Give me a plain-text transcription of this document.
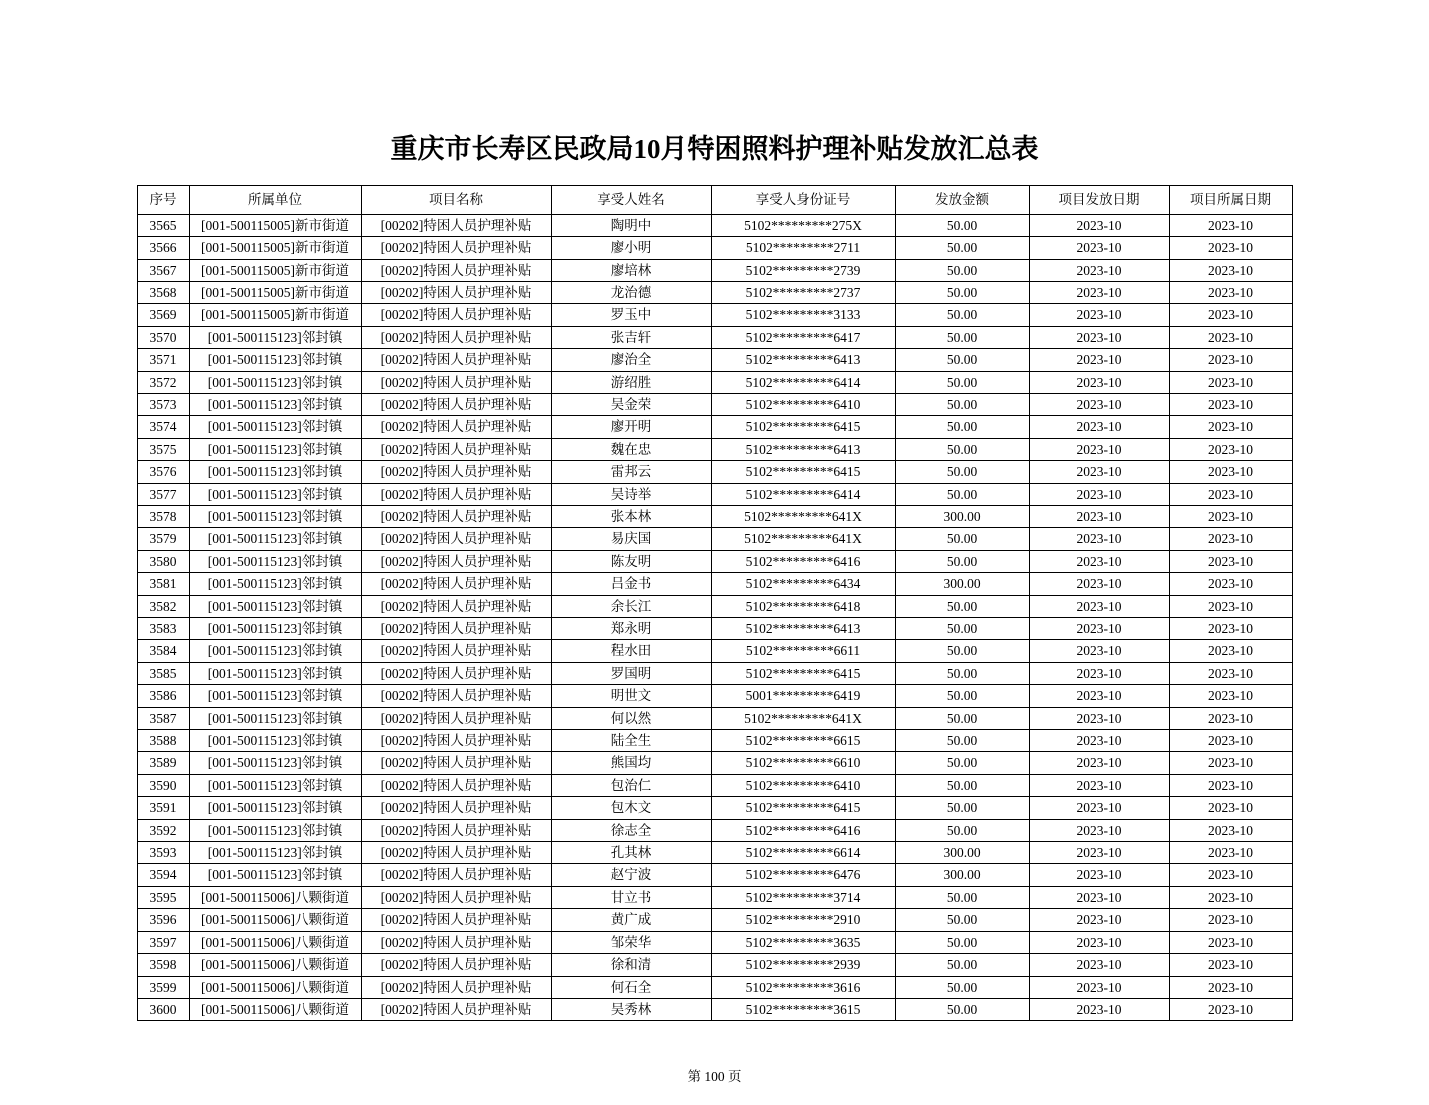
重庆市长寿区民政局10月特困照料护理补贴发放汇总表
序号	所属单位	项目名称	享受人姓名	享受人身份证号	发放金额	项目发放日期	项目所属日期
3565	[001-500115005]新市街道	[00202]特困人员护理补贴	陶明中	5102*********275X	50.00	2023-10	2023-10
3566	[001-500115005]新市街道	[00202]特困人员护理补贴	廖小明	5102*********2711	50.00	2023-10	2023-10
3567	[001-500115005]新市街道	[00202]特困人员护理补贴	廖培林	5102*********2739	50.00	2023-10	2023-10
3568	[001-500115005]新市街道	[00202]特困人员护理补贴	龙治德	5102*********2737	50.00	2023-10	2023-10
3569	[001-500115005]新市街道	[00202]特困人员护理补贴	罗玉中	5102*********3133	50.00	2023-10	2023-10
3570	[001-500115123]邻封镇	[00202]特困人员护理补贴	张吉轩	5102*********6417	50.00	2023-10	2023-10
3571	[001-500115123]邻封镇	[00202]特困人员护理补贴	廖治全	5102*********6413	50.00	2023-10	2023-10
3572	[001-500115123]邻封镇	[00202]特困人员护理补贴	游绍胜	5102*********6414	50.00	2023-10	2023-10
3573	[001-500115123]邻封镇	[00202]特困人员护理补贴	吴金荣	5102*********6410	50.00	2023-10	2023-10
3574	[001-500115123]邻封镇	[00202]特困人员护理补贴	廖开明	5102*********6415	50.00	2023-10	2023-10
3575	[001-500115123]邻封镇	[00202]特困人员护理补贴	魏在忠	5102*********6413	50.00	2023-10	2023-10
3576	[001-500115123]邻封镇	[00202]特困人员护理补贴	雷邦云	5102*********6415	50.00	2023-10	2023-10
3577	[001-500115123]邻封镇	[00202]特困人员护理补贴	吴诗举	5102*********6414	50.00	2023-10	2023-10
3578	[001-500115123]邻封镇	[00202]特困人员护理补贴	张本林	5102*********641X	300.00	2023-10	2023-10
3579	[001-500115123]邻封镇	[00202]特困人员护理补贴	易庆国	5102*********641X	50.00	2023-10	2023-10
3580	[001-500115123]邻封镇	[00202]特困人员护理补贴	陈友明	5102*********6416	50.00	2023-10	2023-10
3581	[001-500115123]邻封镇	[00202]特困人员护理补贴	吕金书	5102*********6434	300.00	2023-10	2023-10
3582	[001-500115123]邻封镇	[00202]特困人员护理补贴	余长江	5102*********6418	50.00	2023-10	2023-10
3583	[001-500115123]邻封镇	[00202]特困人员护理补贴	郑永明	5102*********6413	50.00	2023-10	2023-10
3584	[001-500115123]邻封镇	[00202]特困人员护理补贴	程水田	5102*********6611	50.00	2023-10	2023-10
3585	[001-500115123]邻封镇	[00202]特困人员护理补贴	罗国明	5102*********6415	50.00	2023-10	2023-10
3586	[001-500115123]邻封镇	[00202]特困人员护理补贴	明世文	5001*********6419	50.00	2023-10	2023-10
3587	[001-500115123]邻封镇	[00202]特困人员护理补贴	何以然	5102*********641X	50.00	2023-10	2023-10
3588	[001-500115123]邻封镇	[00202]特困人员护理补贴	陆全生	5102*********6615	50.00	2023-10	2023-10
3589	[001-500115123]邻封镇	[00202]特困人员护理补贴	熊国均	5102*********6610	50.00	2023-10	2023-10
3590	[001-500115123]邻封镇	[00202]特困人员护理补贴	包治仁	5102*********6410	50.00	2023-10	2023-10
3591	[001-500115123]邻封镇	[00202]特困人员护理补贴	包木文	5102*********6415	50.00	2023-10	2023-10
3592	[001-500115123]邻封镇	[00202]特困人员护理补贴	徐志全	5102*********6416	50.00	2023-10	2023-10
3593	[001-500115123]邻封镇	[00202]特困人员护理补贴	孔其林	5102*********6614	300.00	2023-10	2023-10
3594	[001-500115123]邻封镇	[00202]特困人员护理补贴	赵宁波	5102*********6476	300.00	2023-10	2023-10
3595	[001-500115006]八颗街道	[00202]特困人员护理补贴	甘立书	5102*********3714	50.00	2023-10	2023-10
3596	[001-500115006]八颗街道	[00202]特困人员护理补贴	黄广成	5102*********2910	50.00	2023-10	2023-10
3597	[001-500115006]八颗街道	[00202]特困人员护理补贴	邹荣华	5102*********3635	50.00	2023-10	2023-10
3598	[001-500115006]八颗街道	[00202]特困人员护理补贴	徐和清	5102*********2939	50.00	2023-10	2023-10
3599	[001-500115006]八颗街道	[00202]特困人员护理补贴	何石全	5102*********3616	50.00	2023-10	2023-10
3600	[001-500115006]八颗街道	[00202]特困人员护理补贴	吴秀林	5102*********3615	50.00	2023-10	2023-10
第 100 页
